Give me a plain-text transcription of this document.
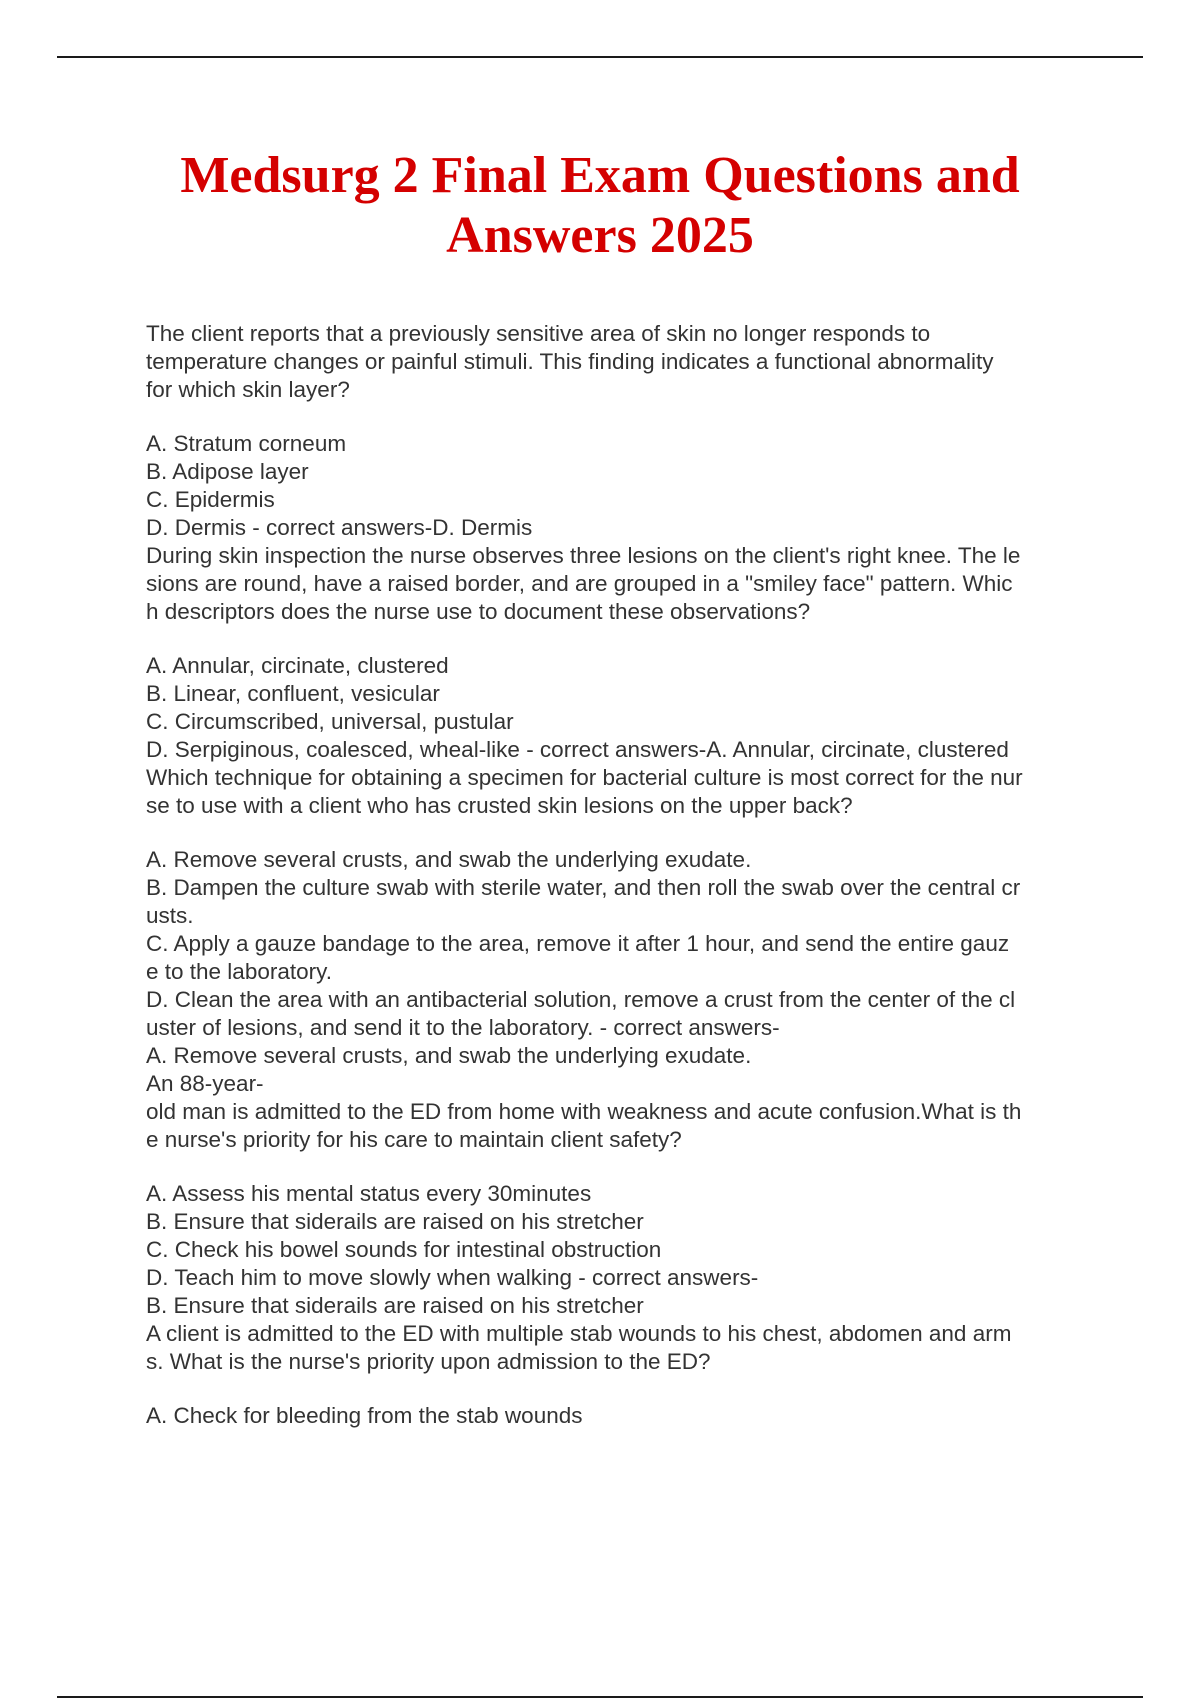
Medsurg 2 Final Exam Questions and
Answers 2025
The client reports that a previously sensitive area of skin no longer responds to
temperature changes or painful stimuli. This finding indicates a functional abnormality
for which skin layer?
A. Stratum corneum
B. Adipose layer
C. Epidermis
D. Dermis - correct answers-D. Dermis
During skin inspection the nurse observes three lesions on the client's right knee. The le
sions are round, have a raised border, and are grouped in a "smiley face" pattern. Whic
h descriptors does the nurse use to document these observations?
A. Annular, circinate, clustered
B. Linear, confluent, vesicular
C. Circumscribed, universal, pustular
D. Serpiginous, coalesced, wheal-like - correct answers-A. Annular, circinate, clustered
Which technique for obtaining a specimen for bacterial culture is most correct for the nur
se to use with a client who has crusted skin lesions on the upper back?
A. Remove several crusts, and swab the underlying exudate.
B. Dampen the culture swab with sterile water, and then roll the swab over the central cr
usts.
C. Apply a gauze bandage to the area, remove it after 1 hour, and send the entire gauz
e to the laboratory.
D. Clean the area with an antibacterial solution, remove a crust from the center of the cl
uster of lesions, and send it to the laboratory. - correct answers-
A. Remove several crusts, and swab the underlying exudate.
An 88-year-
old man is admitted to the ED from home with weakness and acute confusion.What is th
e nurse's priority for his care to maintain client safety?
A. Assess his mental status every 30minutes
B. Ensure that siderails are raised on his stretcher
C. Check his bowel sounds for intestinal obstruction
D. Teach him to move slowly when walking - correct answers-
B. Ensure that siderails are raised on his stretcher
A client is admitted to the ED with multiple stab wounds to his chest, abdomen and arm
s. What is the nurse's priority upon admission to the ED?
A. Check for bleeding from the stab wounds
